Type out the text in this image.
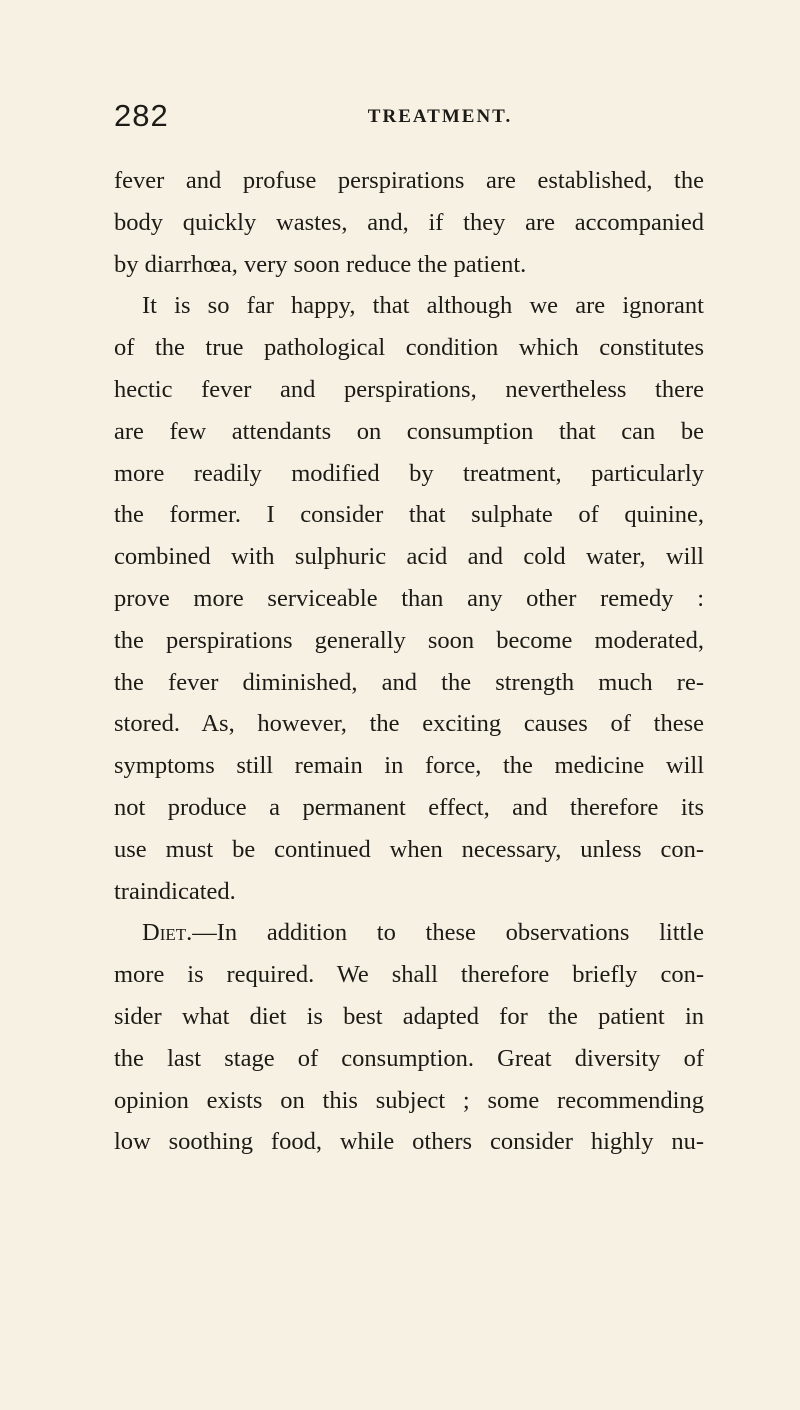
282	TREATMENT.
fever and profuse perspirations are established, the
body quickly wastes, and, if they are accompanied
by diarrhœa, very soon reduce the patient.
It is so far happy, that although we are ignorant
of the true pathological condition which constitutes
hectic fever and perspirations, nevertheless there
are few attendants on consumption that can be
more readily modified by treatment, particularly
the former. I consider that sulphate of quinine,
combined with sulphuric acid and cold water, will
prove more serviceable than any other remedy :
the perspirations generally soon become moderated,
the fever diminished, and the strength much re-
stored. As, however, the exciting causes of these
symptoms still remain in force, the medicine will
not produce a permanent effect, and therefore its
use must be continued when necessary, unless con-
traindicated.
Diet.—In addition to these observations little
more is required. We shall therefore briefly con-
sider what diet is best adapted for the patient in
the last stage of consumption. Great diversity of
opinion exists on this subject ; some recommending
low soothing food, while others consider highly nu-
